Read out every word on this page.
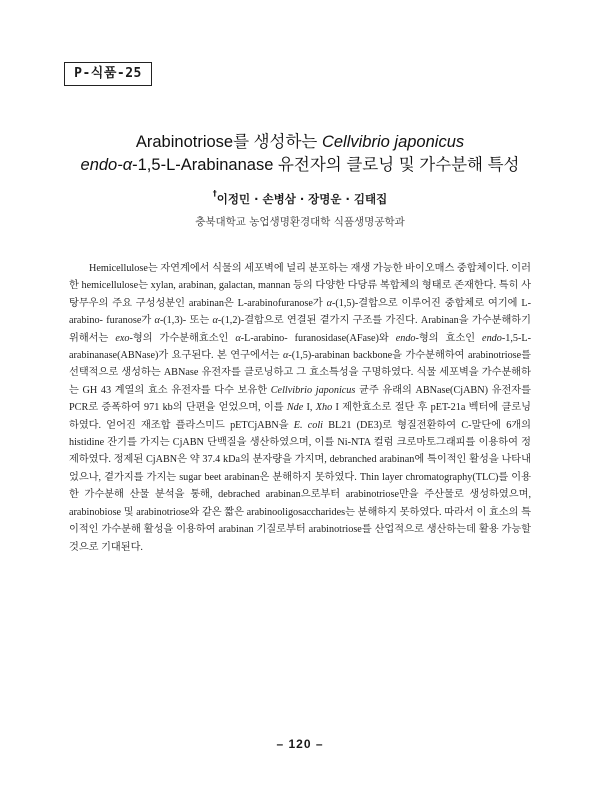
P-식품-25
Arabinotriose를 생성하는 Cellvibrio japonicus
endo-α-1,5-L-Arabinanase 유전자의 클로닝 및 가수분해 특성
†이정민 · 손병삼 · 장명운 · 김태집
충북대학교 농업생명환경대학 식품생명공학과

Hemicellulose는 자연계에서 식물의 세포벽에 널리 분포하는 재생 가능한 바이오매스 중합체이다. 이러한 hemicellulose는 xylan, arabinan, galactan, mannan 등의 다양한 다당류 복합체의 형태로 존재한다. 특히 사탕무우의 주요 구성성분인 arabinan은 L-arabinofuranose가 α-(1,5)-결합으로 이루어진 중합체로 여기에 L-arabino- furanose가 α-(1,3)- 또는 α-(1,2)-결합으로 연결된 곁가지 구조를 가진다. Arabinan을 가수분해하기 위해서는 exo-형의 가수분해효소인 α-L-arabino- furanosidase(AFase)와 endo-형의 효소인 endo-1,5-L-arabinanase(ABNase)가 요구된다. 본 연구에서는 α-(1,5)-arabinan backbone을 가수분해하여 arabinotriose를 선택적으로 생성하는 ABNase 유전자를 클로닝하고 그 효소특성을 구명하였다. 식물 세포벽을 가수분해하는 GH 43 계열의 효소 유전자를 다수 보유한 Cellvibrio japonicus 균주 유래의 ABNase(CjABN) 유전자를 PCR로 증폭하여 971 kb의 단편을 얻었으며, 이를 Nde I, Xho I 제한효소로 절단 후 pET-21a 벡터에 클로닝 하였다. 얻어진 재조합 플라스미드 pETCjABN을 E. coli BL21 (DE3)로 형질전환하여 C-말단에 6개의 histidine 잔기를 가지는 CjABN 단백질을 생산하였으며, 이를 Ni-NTA 컬럼 크로마토그래피를 이용하여 정제하였다. 정제된 CjABN은 약 37.4 kDa의 분자량을 가지며, debranched arabinan에 특이적인 활성을 나타내었으나, 곁가지를 가지는 sugar beet arabinan은 분해하지 못하였다. Thin layer chromatography(TLC)를 이용한 가수분해 산물 분석을 통해, debrached arabinan으로부터 arabinotriose만을 주산물로 생성하였으며, arabinobiose 및 arabinotriose와 같은 짧은 arabinooligosaccharides는 분해하지 못하였다. 따라서 이 효소의 특이적인 가수분해 활성을 이용하여 arabinan 기질로부터 arabinotriose를 산업적으로 생산하는데 활용 가능할 것으로 기대된다.

– 120 –
